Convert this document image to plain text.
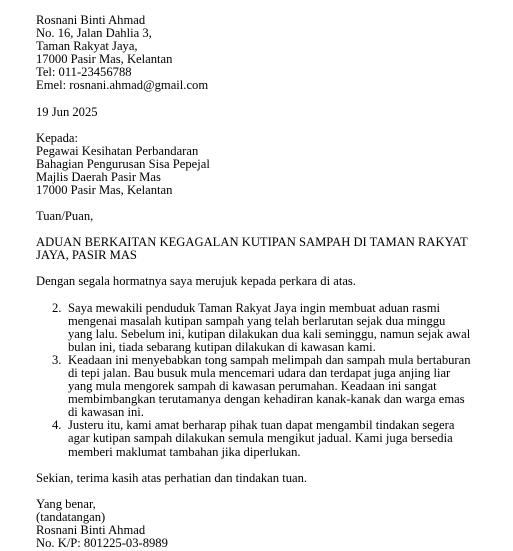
Rosnani Binti Ahmad
No. 16, Jalan Dahlia 3,
Taman Rakyat Jaya,
17000 Pasir Mas, Kelantan
Tel: 011-23456788
Emel: rosnani.ahmad@gmail.com
19 Jun 2025
Kepada:
Pegawai Kesihatan Perbandaran
Bahagian Pengurusan Sisa Pepejal
Majlis Daerah Pasir Mas
17000 Pasir Mas, Kelantan
Tuan/Puan,
ADUAN BERKAITAN KEGAGALAN KUTIPAN SAMPAH DI TAMAN RAKYAT JAYA, PASIR MAS
Dengan segala hormatnya saya merujuk kepada perkara di atas.
2. Saya mewakili penduduk Taman Rakyat Jaya ingin membuat aduan rasmi mengenai masalah kutipan sampah yang telah berlarutan sejak dua minggu yang lalu. Sebelum ini, kutipan dilakukan dua kali seminggu, namun sejak awal bulan ini, tiada sebarang kutipan dilakukan di kawasan kami.
3. Keadaan ini menyebabkan tong sampah melimpah dan sampah mula bertaburan di tepi jalan. Bau busuk mula mencemari udara dan terdapat juga anjing liar yang mula mengorek sampah di kawasan perumahan. Keadaan ini sangat membimbangkan terutamanya dengan kehadiran kanak-kanak dan warga emas di kawasan ini.
4. Justeru itu, kami amat berharap pihak tuan dapat mengambil tindakan segera agar kutipan sampah dilakukan semula mengikut jadual. Kami juga bersedia memberi maklumat tambahan jika diperlukan.
Sekian, terima kasih atas perhatian dan tindakan tuan.
Yang benar,
(tandatangan)
Rosnani Binti Ahmad
No. K/P: 801225-03-8989
